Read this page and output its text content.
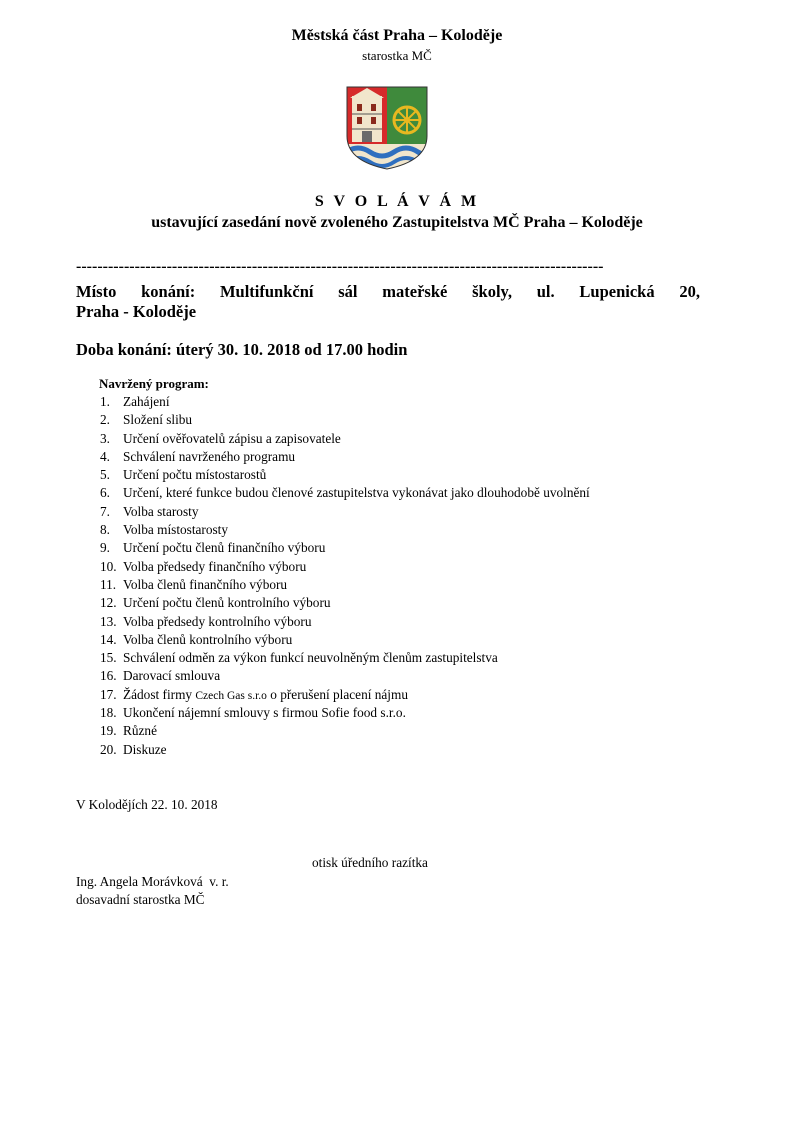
Městská část Praha – Koloděje
starostka MČ
S V O L Á V Á M
ustavující zasedání nově zvoleného Zastupitelstva MČ Praha – Koloděje
---------------------------------------------------------------------------------------------------
Místo konání: Multifunkční sál mateřské školy, ul. Lupenická 20,
Praha - Koloděje
Doba konání: úterý 30. 10. 2018 od 17.00 hodin
Navržený program:
1. Zahájení
2. Složení slibu
3. Určení ověřovatelů zápisu a zapisovatele
4. Schválení navrženého programu
5. Určení počtu místostarostů
6. Určení, které funkce budou členové zastupitelstva vykonávat jako dlouhodobě uvolnění
7. Volba starosty
8. Volba místostarosty
9. Určení počtu členů finančního výboru
10. Volba předsedy finančního výboru
11. Volba členů finančního výboru
12. Určení počtu členů kontrolního výboru
13. Volba předsedy kontrolního výboru
14. Volba členů kontrolního výboru
15. Schválení odměn za výkon funkcí neuvolněným členům zastupitelstva
16. Darovací smlouva
17. Žádost firmy Czech Gas s.r.o o přerušení placení nájmu
18. Ukončení nájemní smlouvy s firmou Sofie food s.r.o.
19. Různé
20. Diskuze
V Kolodějích 22. 10. 2018
otisk úředního razítka
Ing. Angela Morávková  v. r.
dosavadní starostka MČ
